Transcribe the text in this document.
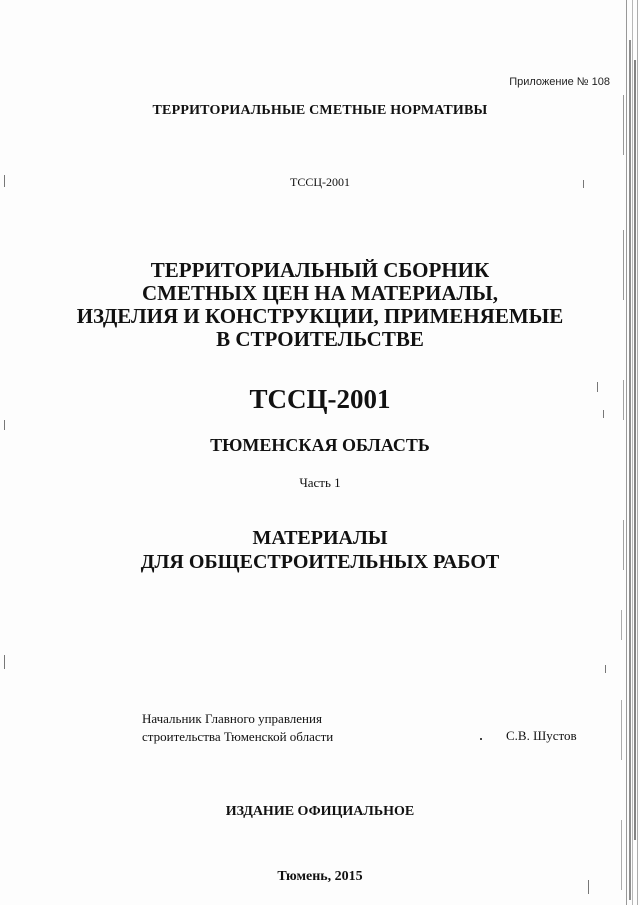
Приложение № 108
ТЕРРИТОРИАЛЬНЫЕ СМЕТНЫЕ НОРМАТИВЫ
ТССЦ-2001
ТЕРРИТОРИАЛЬНЫЙ СБОРНИК
СМЕТНЫХ ЦЕН НА МАТЕРИАЛЫ,
ИЗДЕЛИЯ И КОНСТРУКЦИИ, ПРИМЕНЯЕМЫЕ
В СТРОИТЕЛЬСТВЕ
ТССЦ-2001
ТЮМЕНСКАЯ ОБЛАСТЬ
Часть 1
МАТЕРИАЛЫ
ДЛЯ ОБЩЕСТРОИТЕЛЬНЫХ РАБОТ
Начальник Главного управления
строительства Тюменской области	С.В. Шустов
ИЗДАНИЕ ОФИЦИАЛЬНОЕ
Тюмень, 2015
